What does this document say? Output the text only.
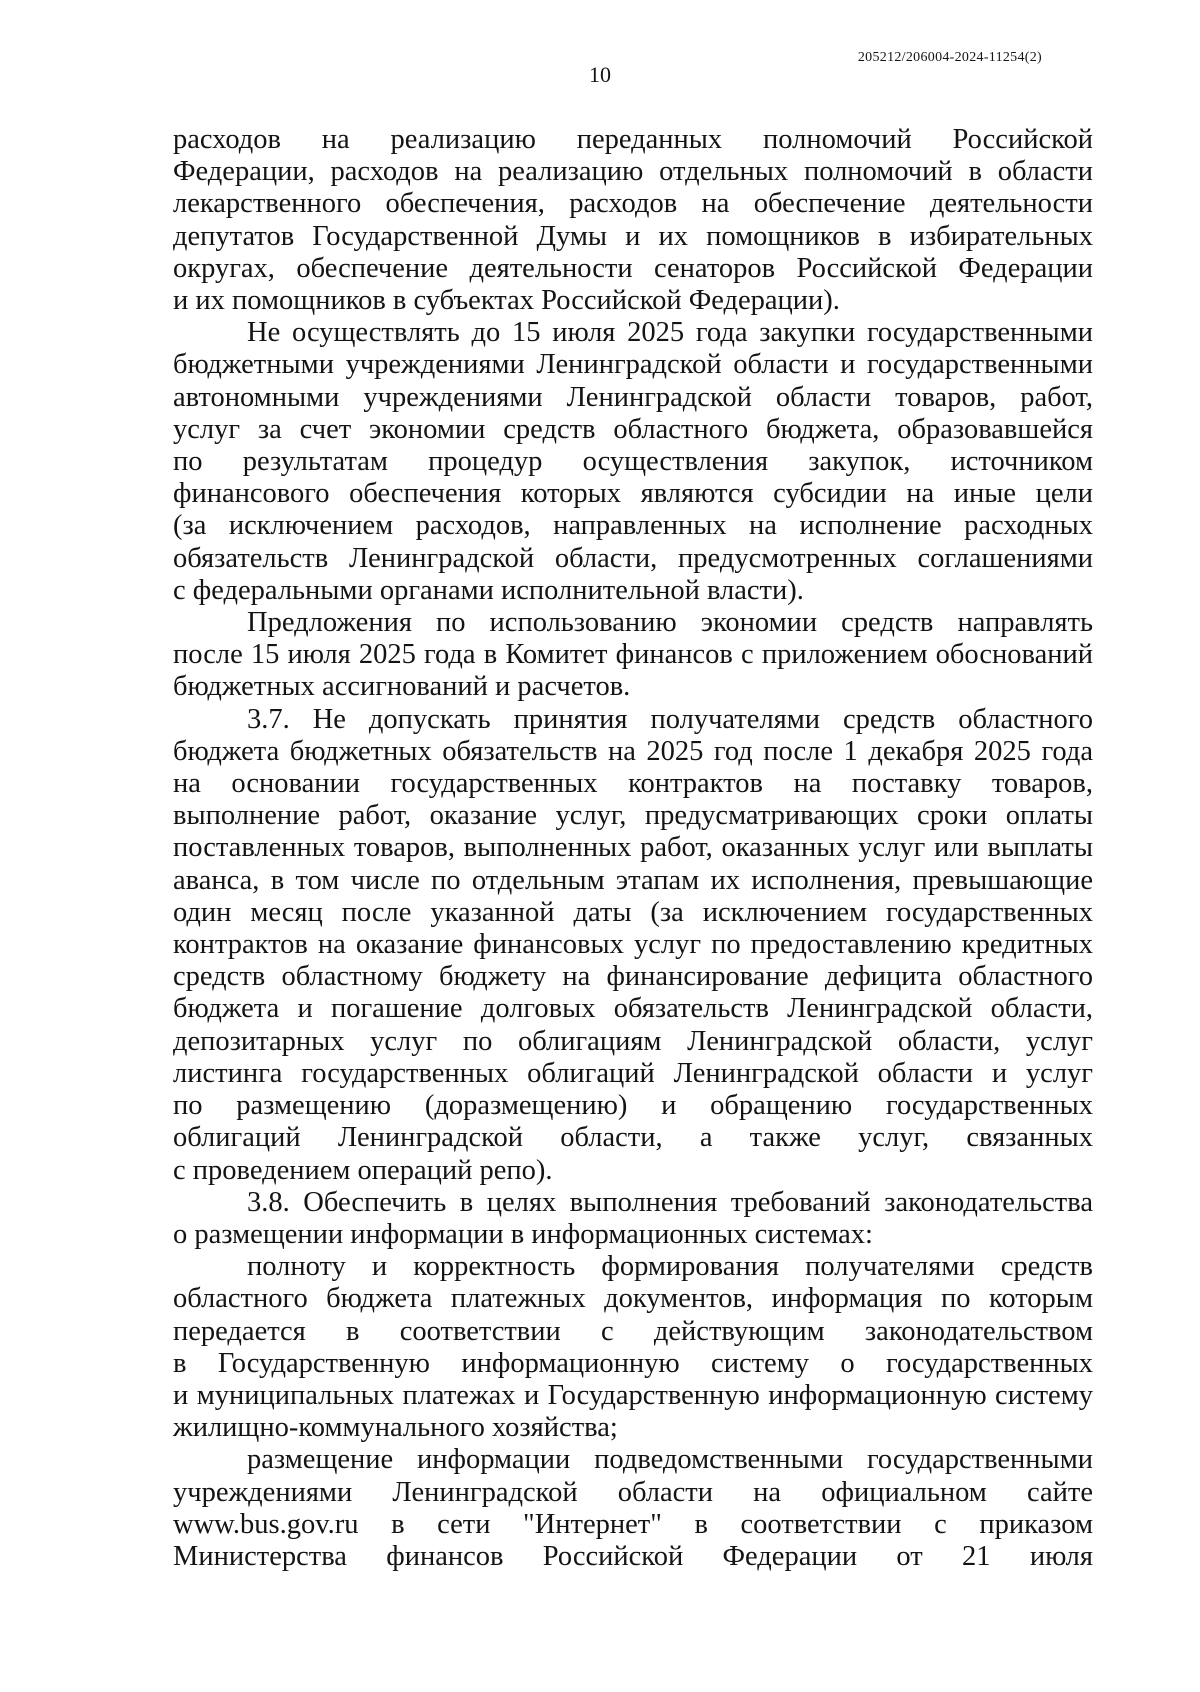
205212/206004-2024-11254(2)
10

расходов на реализацию переданных полномочий Российской

Федерации, расходов на реализацию отдельных полномочий в области

лекарственного обеспечения, расходов на обеспечение деятельности

депутатов Государственной Думы и их помощников в избирательных

округах, обеспечение деятельности сенаторов Российской Федерации

и их помощников в субъектах Российской Федерации).

Не осуществлять до 15 июля 2025 года закупки государственными

бюджетными учреждениями Ленинградской области и государственными

автономными учреждениями Ленинградской области товаров, работ,

услуг за счет экономии средств областного бюджета, образовавшейся

по результатам процедур осуществления закупок, источником

финансового обеспечения которых являются субсидии на иные цели

(за исключением расходов, направленных на исполнение расходных

обязательств Ленинградской области, предусмотренных соглашениями

с федеральными органами исполнительной власти).

Предложения по использованию экономии средств направлять

после 15 июля 2025 года в Комитет финансов с приложением обоснований

бюджетных ассигнований и расчетов.

3.7. Не допускать принятия получателями средств областного

бюджета бюджетных обязательств на 2025 год после 1 декабря 2025 года

на основании государственных контрактов на поставку товаров,

выполнение работ, оказание услуг, предусматривающих сроки оплаты

поставленных товаров, выполненных работ, оказанных услуг или выплаты

аванса, в том числе по отдельным этапам их исполнения, превышающие

один месяц после указанной даты (за исключением государственных

контрактов на оказание финансовых услуг по предоставлению кредитных

средств областному бюджету на финансирование дефицита областного

бюджета и погашение долговых обязательств Ленинградской области,

депозитарных услуг по облигациям Ленинградской области, услуг

листинга государственных облигаций Ленинградской области и услуг

по размещению (доразмещению) и обращению государственных

облигаций Ленинградской области, а также услуг, связанных

с проведением операций репо).

3.8. Обеспечить в целях выполнения требований законодательства

о размещении информации в информационных системах:

полноту и корректность формирования получателями средств

областного бюджета платежных документов, информация по которым

передается в соответствии с действующим законодательством

в Государственную информационную систему о государственных

и муниципальных платежах и Государственную информационную систему

жилищно-коммунального хозяйства;

размещение информации подведомственными государственными

учреждениями Ленинградской области на официальном сайте

www.bus.gov.ru в сети "Интернет" в соответствии с приказом

Министерства финансов Российской Федерации от 21 июля
